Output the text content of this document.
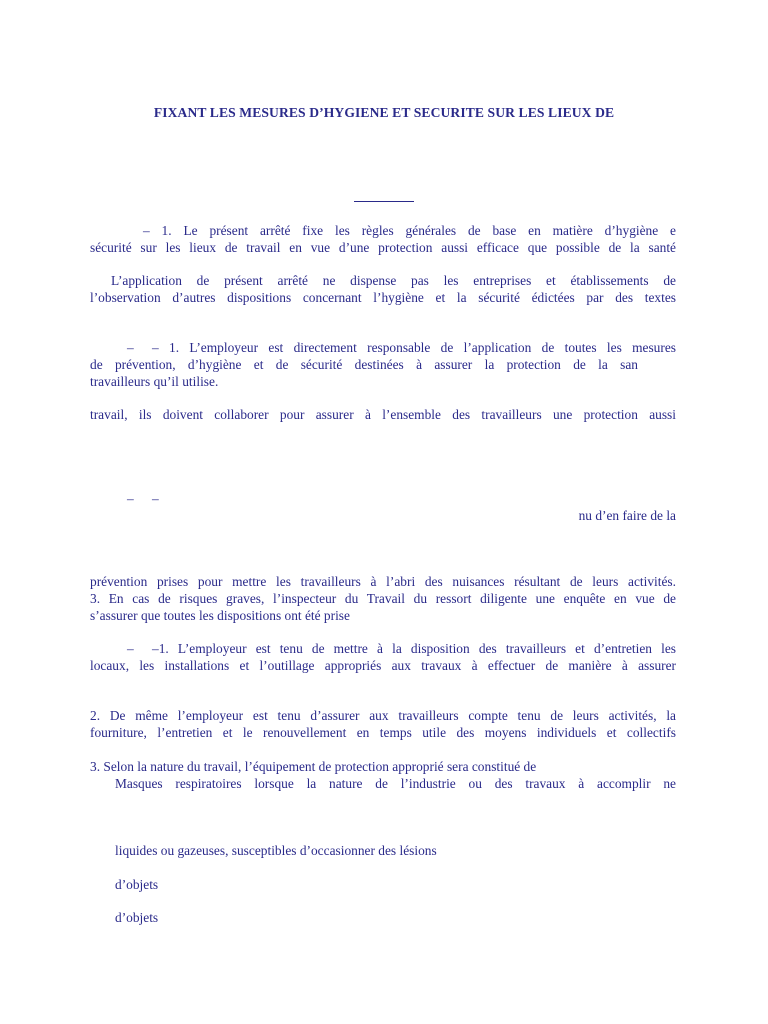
FIXANT LES MESURES D’HYGIENE ET SECURITE SUR LES LIEUX DE

– 1. Le présent arrêté fixe les règles générales de base en matière d’hygiène e

sécurité sur les lieux de travail en vue d’une protection aussi efficace que possible de la santé

L’application de présent arrêté ne dispense pas les entreprises et établissements de

l’observation d’autres dispositions concernant l’hygiène et la sécurité édictées par des textes

– – 1. L’employeur est directement responsable de l’application de toutes les mesures

de prévention, d’hygiène et de sécurité destinées à assurer la protection de la san

travailleurs qu’il utilise.

travail, ils doivent collaborer pour assurer à l’ensemble des travailleurs une protection aussi

– –

nu d’en faire de la

prévention prises pour mettre les travailleurs à l’abri des nuisances résultant de leurs activités.

3. En cas de risques graves, l’inspecteur du Travail du ressort diligente une enquête en vue de

s’assurer que toutes les dispositions ont été prise

– –1. L’employeur est tenu de mettre à la disposition des travailleurs et d’entretien les

locaux, les installations et l’outillage appropriés aux travaux à effectuer de manière à assurer

2. De même l’employeur est tenu d’assurer aux travailleurs compte tenu de leurs activités, la

fourniture, l’entretien et le renouvellement en temps utile des moyens individuels et collectifs

3. Selon la nature du travail, l’équipement de protection approprié sera constitué de

Masques respiratoires lorsque la nature de l’industrie ou des travaux à accomplir ne

liquides ou gazeuses, susceptibles d’occasionner des lésions

d’objets

d’objets
